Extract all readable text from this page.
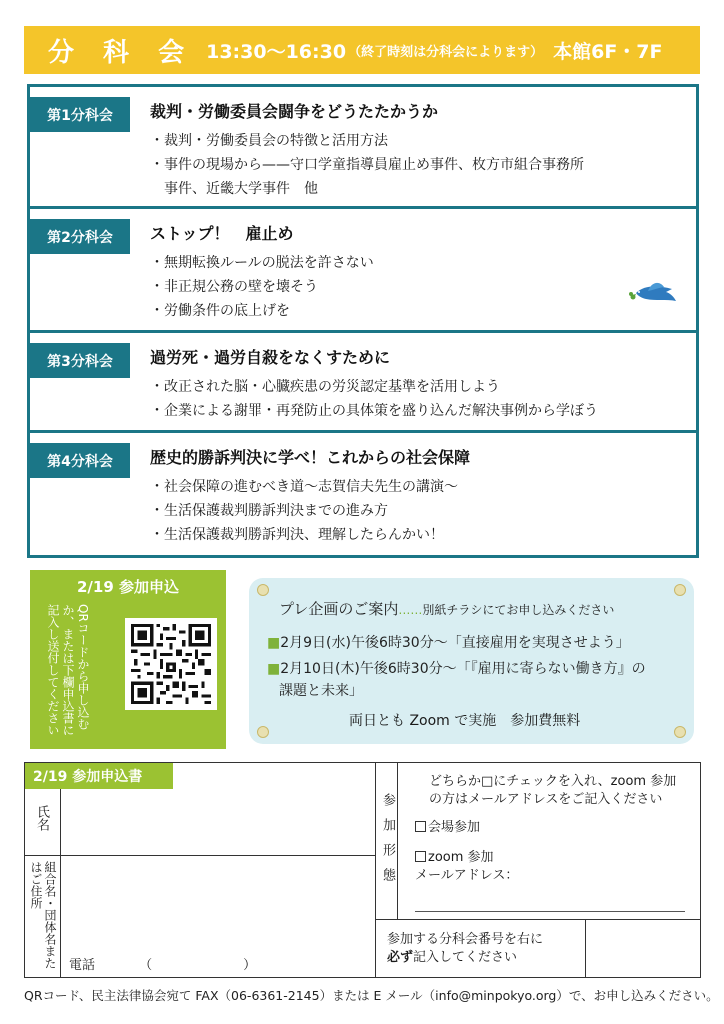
分 科 会 13:30〜16:30 （終了時刻は分科会によります） 本館6F・7F
第1分科会	裁判・労働委員会闘争をどうたたかうか
・裁判・労働委員会の特徴と活用方法
・事件の現場から——守口学童指導員雇止め事件、枚方市組合事務所
　事件、近畿大学事件　他
第2分科会	ストップ！　雇止め
・無期転換ルールの脱法を許さない
・非正規公務の壁を壊そう
・労働条件の底上げを
第3分科会	過労死・過労自殺をなくすために
・改正された脳・心臓疾患の労災認定基準を活用しよう
・企業による謝罪・再発防止の具体策を盛り込んだ解決事例から学ぼう
第4分科会	歴史的勝訴判決に学べ！これからの社会保障
・社会保障の進むべき道〜志賀信夫先生の講演〜
・生活保護裁判勝訴判決までの進み方
・生活保護裁判勝訴判決、理解したらんかい！
2/19 参加申込
QRコードから申し込むか、または下欄申込書に記入し送付してください	プレ企画のご案内……別紙チラシにてお申し込みください
■2月9日(水)午後6時30分〜「直接雇用を実現させよう」
■2月10日(木)午後6時30分〜「『雇用に寄らない働き方』の
課題と未来」
両日とも Zoom で実施　参加費無料
2/19 参加申込書
氏名
組合名・団体名またはご住所
電話	（　　　　　　　）
参加形態
どちらか□にチェックを入れ、zoom 参加の方はメールアドレスをご記入ください
会場参加
zoom 参加
メールアドレス：
参加する分科会番号を右に
必ず記入してください
QRコード、民主法律協会宛て FAX（06-6361-2145）または E メール（info@minpokyo.org）で、お申し込みください。
